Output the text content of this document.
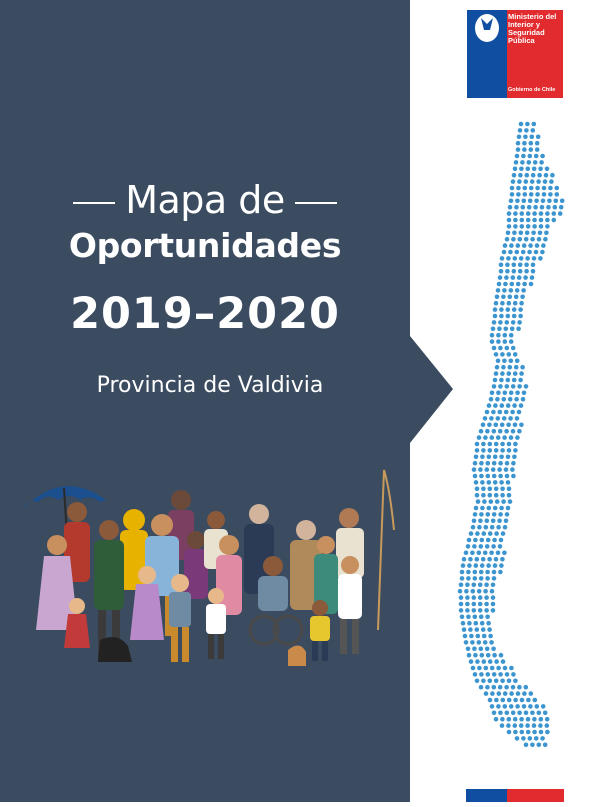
Mapa de
Oportunidades
2019–2020
Provincia de Valdivia
Ministerio del Interior y Seguridad Pública
Gobierno de Chile
